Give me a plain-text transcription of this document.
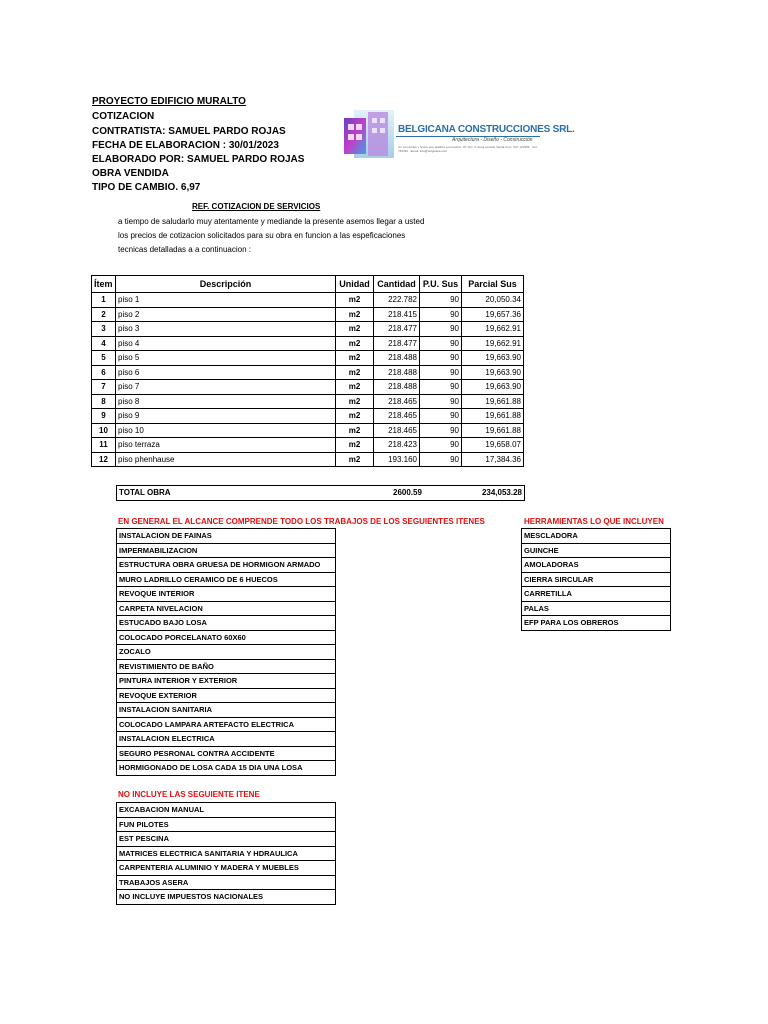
PROYECTO EDIFICIO MURALTO
COTIZACION
CONTRATISTA: SAMUEL PARDO ROJAS
FECHA DE ELABORACION : 30/01/2023
ELABORADO POR: SAMUEL PARDO ROJAS
OBRA VENDIDA
TIPO DE CAMBIO. 6,97
BELGICANA CONSTRUCCIONES SRL.
Arquitectura - Diseño - Construcción
Av. Los Andes y Sucre esq. Edificio Los Cedros. Of. Nro. 3. Zona Central, Santa Cruz. Telf: 123456 · Cel: 765432 · Email: info@belgicana.com
REF. COTIZACION DE SERVICIOS
a tiempo de saludarlo muy atentamente y mediande la presente asemos llegar a usted
los precios de cotizacion solicitados para su obra en funcion a las espeficaciones
tecnicas detalladas a a continuacion :
Ítem	Descripción	Unidad	Cantidad	P.U. Sus	Parcial Sus
1	piso 1	m2	222.782	90	20,050.34
2	piso 2	m2	218.415	90	19,657.36
3	piso 3	m2	218.477	90	19,662.91
4	piso 4	m2	218.477	90	19,662.91
5	piso 5	m2	218.488	90	19,663.90
6	piso 6	m2	218.488	90	19,663.90
7	piso 7	m2	218.488	90	19,663.90
8	piso 8	m2	218.465	90	19,661.88
9	piso 9	m2	218.465	90	19,661.88
10	piso 10	m2	218.465	90	19,661.88
11	piso terraza	m2	218.423	90	19,658.07
12	piso phenhause	m2	193.160	90	17,384.36
TOTAL OBRA	2600.59	234,053.28
EN GENERAL EL ALCANCE COMPRENDE TODO LOS TRABAJOS DE LOS SEGUIENTES ITENES
INSTALACION DE FAINAS
IMPERMABILIZACION
ESTRUCTURA OBRA GRUESA DE HORMIGON ARMADO
MURO LADRILLO CERAMICO DE 6 HUECOS
REVOQUE INTERIOR
CARPETA NIVELACION
ESTUCADO BAJO LOSA
COLOCADO PORCELANATO 60X60
ZOCALO
REVISTIMIENTO DE BAÑO
PINTURA INTERIOR Y EXTERIOR
REVOQUE EXTERIOR
INSTALACION SANITARIA
COLOCADO LAMPARA ARTEFACTO ELECTRICA
INSTALACION ELECTRICA
SEGURO PESRONAL CONTRA ACCIDENTE
HORMIGONADO DE LOSA CADA 15 DIA UNA LOSA
HERRAMIENTAS LO QUE INCLUYEN
MESCLADORA
GUINCHE
AMOLADORAS
CIERRA SIRCULAR
CARRETILLA
PALAS
EFP PARA LOS OBREROS
NO INCLUYE LAS SEGUIENTE ITENE
EXCABACION MANUAL
FUN PILOTES
EST PESCINA
MATRICES ELECTRICA SANITARIA Y HDRAULICA
CARPENTERIA ALUMINIO Y MADERA Y MUEBLES
TRABAJOS ASERA
NO INCLUYE IMPUESTOS NACIONALES
